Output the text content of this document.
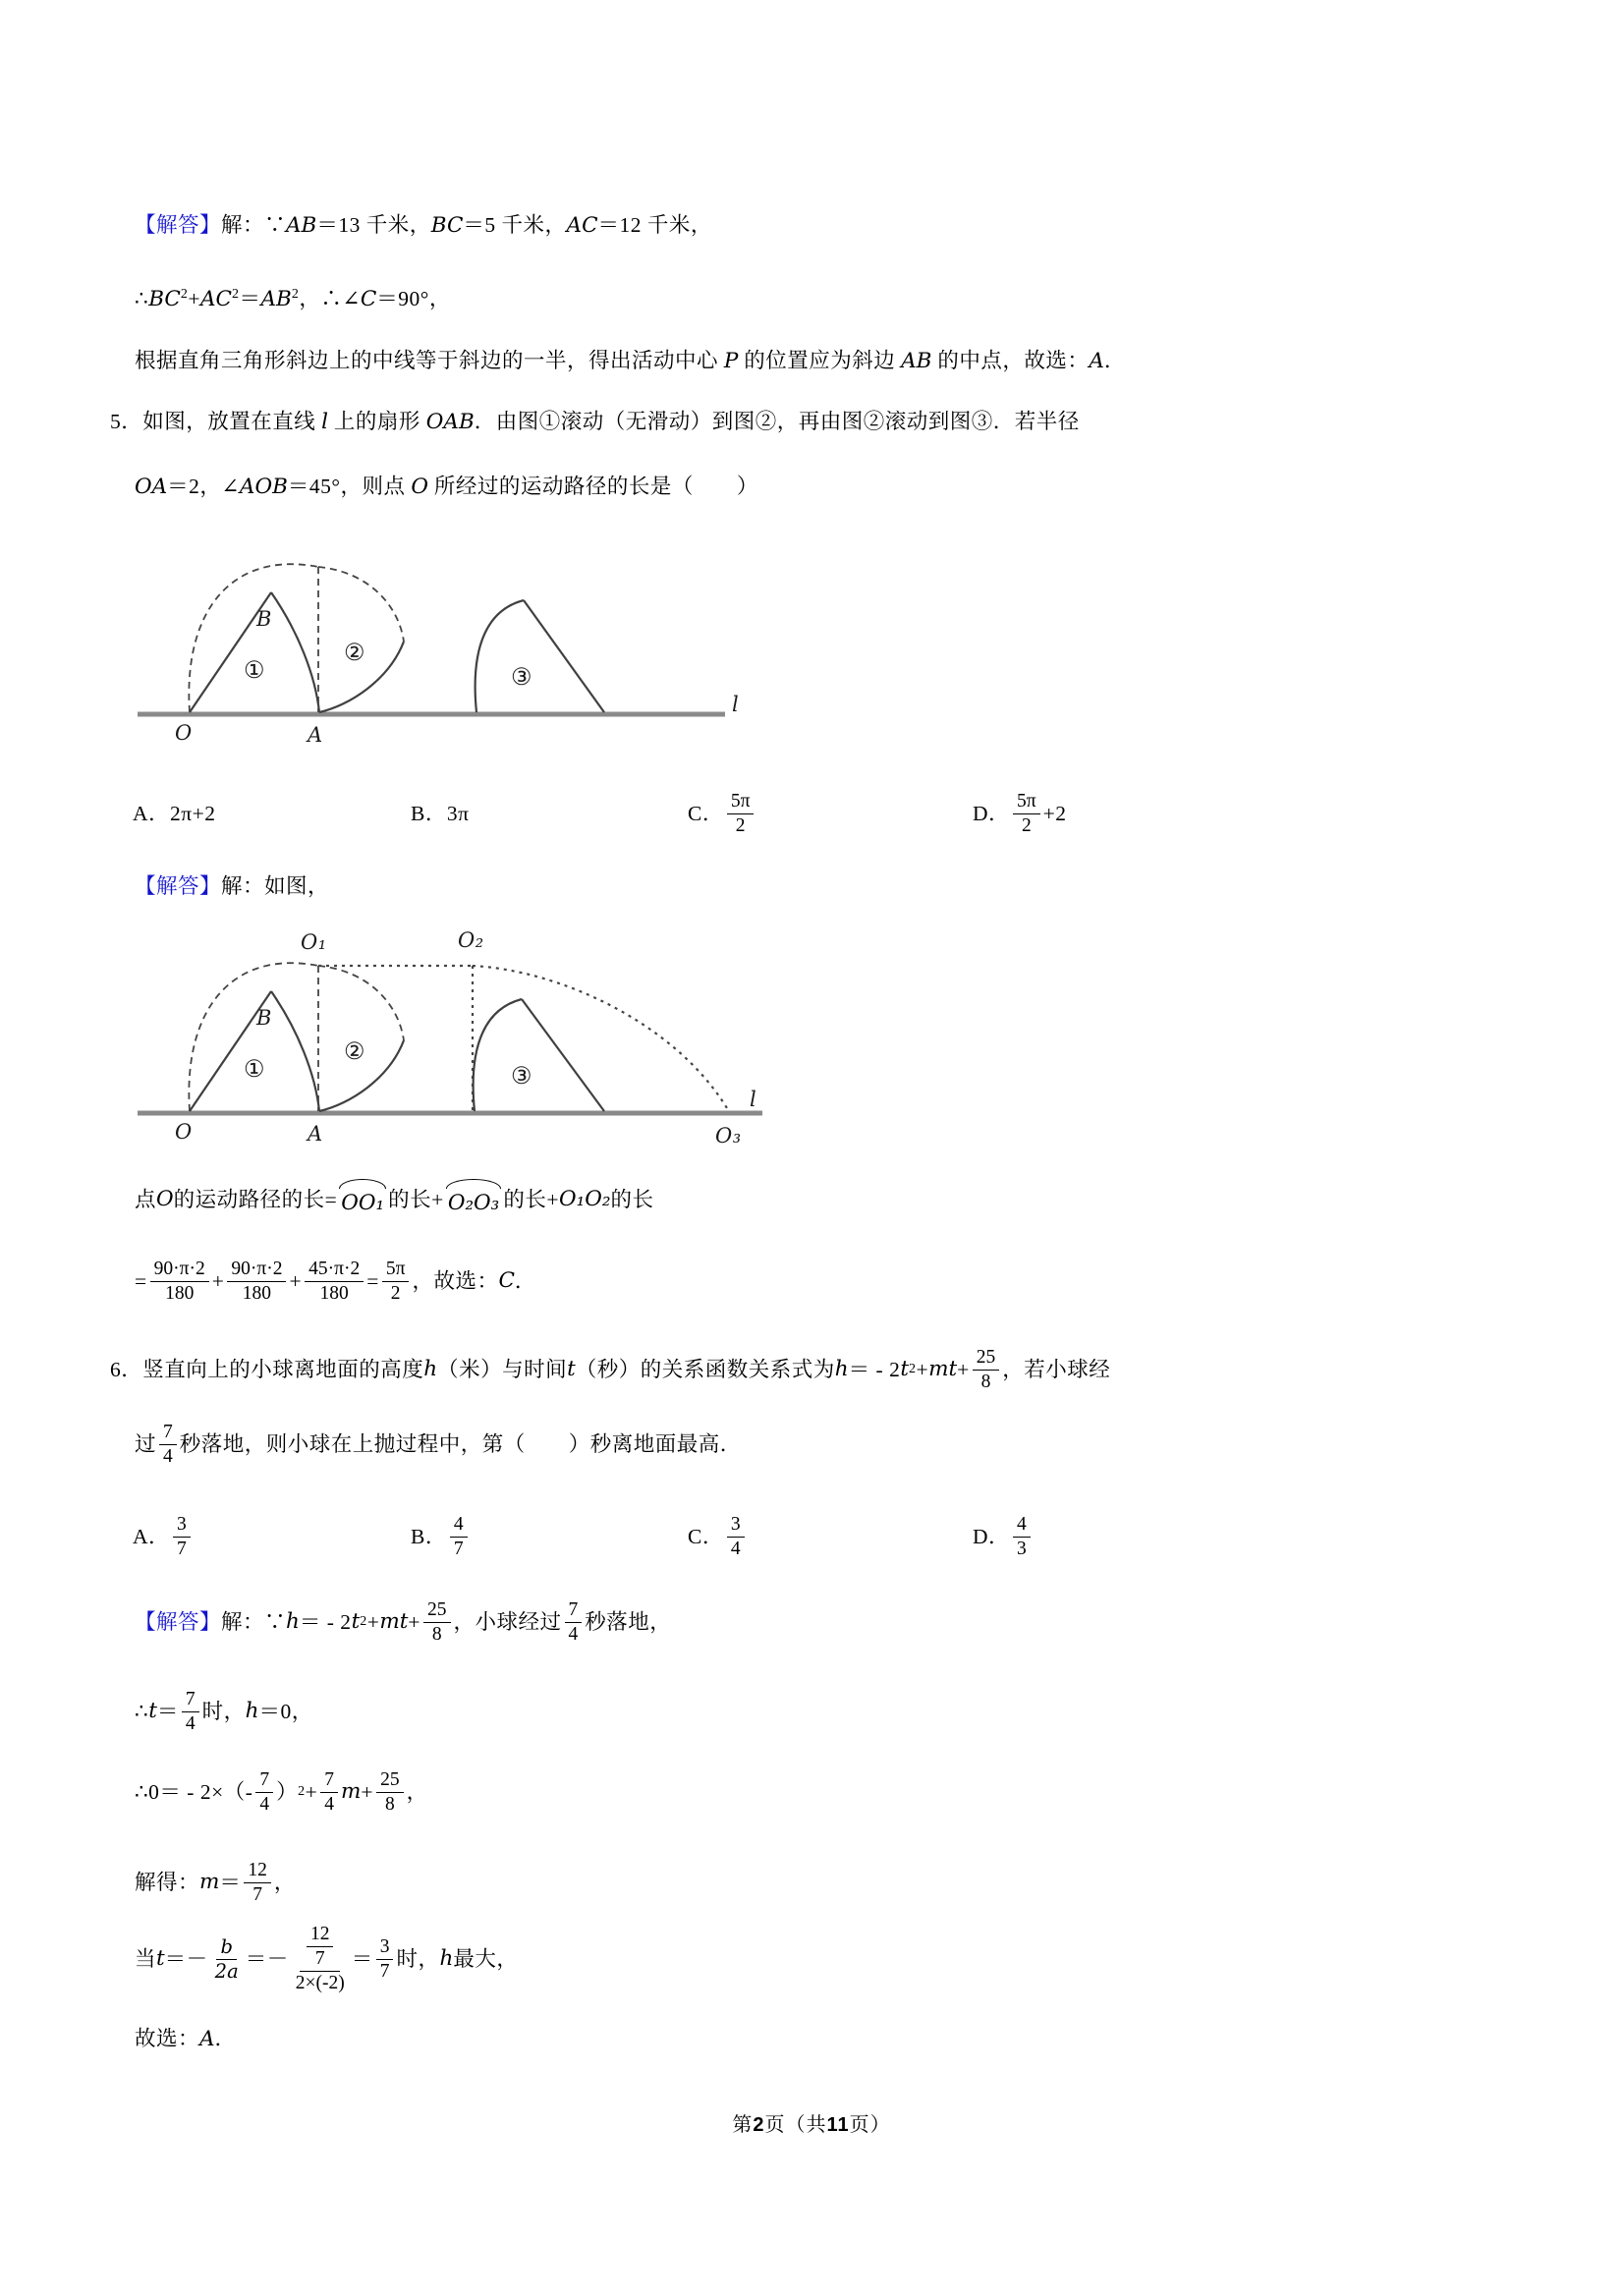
【解答】解：∵AB＝13 千米，BC＝5 千米，AC＝12 千米，
$\therefore BC^2+AC^2=AB^2$，∴∠C＝90°，
根据直角三角形斜边上的中线等于斜边的一半，得出活动中心 P 的位置应为斜边 AB 的中点，故选：A．
5．如图，放置在直线 l 上的扇形 OAB．由图①滚动（无滑动）到图②，再由图②滚动到图③．若半径
OA＝2，∠AOB＝45°，则点 O 所经过的运动路径的长是（　　）
B
①
②
③
O	A
l
A． 2π+2	B． 3π	C． $\frac{5\pi}{2}$	D． $\frac{5\pi}{2} +2$
【解答】解：如图，
O₁	O₂
B
①
②
③
O	A	O₃
l
点 O 的运动路径的长= OO₁ 的长+ O₂O₃ 的长+ O₁O₂ 的长
= $\frac{90\cdot\pi\cdot 2}{180} + \frac{90\cdot\pi\cdot 2}{180} + \frac{45\cdot\pi\cdot 2}{180} = \frac{5\pi}{2}$ ，故选： C ．
6．竖直向上的小球离地面的高度 h （米）与时间 t （秒）的关系函数关系式为 h ＝ - 2 t 2 + mt + $\frac{25}{8}$ ，若小球经
过 $\frac{7}{4}$ 秒落地，则小球在上抛过程中，第（　　）秒离地面最高．
A． $\frac{3}{7}$	B． $\frac{4}{7}$	C． $\frac{3}{4}$	D． $\frac{4}{3}$
【解答】 解：∵ h ＝ - 2 t 2 + mt + $\frac{25}{8}$ ，小球经过 $\frac{7}{4}$ 秒落地，
∴ $t = \frac{7}{4}$ 时， h ＝0，
∴0＝ - $2\times(- \frac{7}{4}$ ） $2 + \frac{7}{4}$ $m + \frac{25}{8}$ ，
解得： $m = \frac{12}{7}$ ，
当 $t =- \frac{b}{2a} =- \frac{\frac{12}{7}}{2\times(-2)} = \frac{3}{7}$ 时， h 最大，
故选：A．
第2页（共11页）
